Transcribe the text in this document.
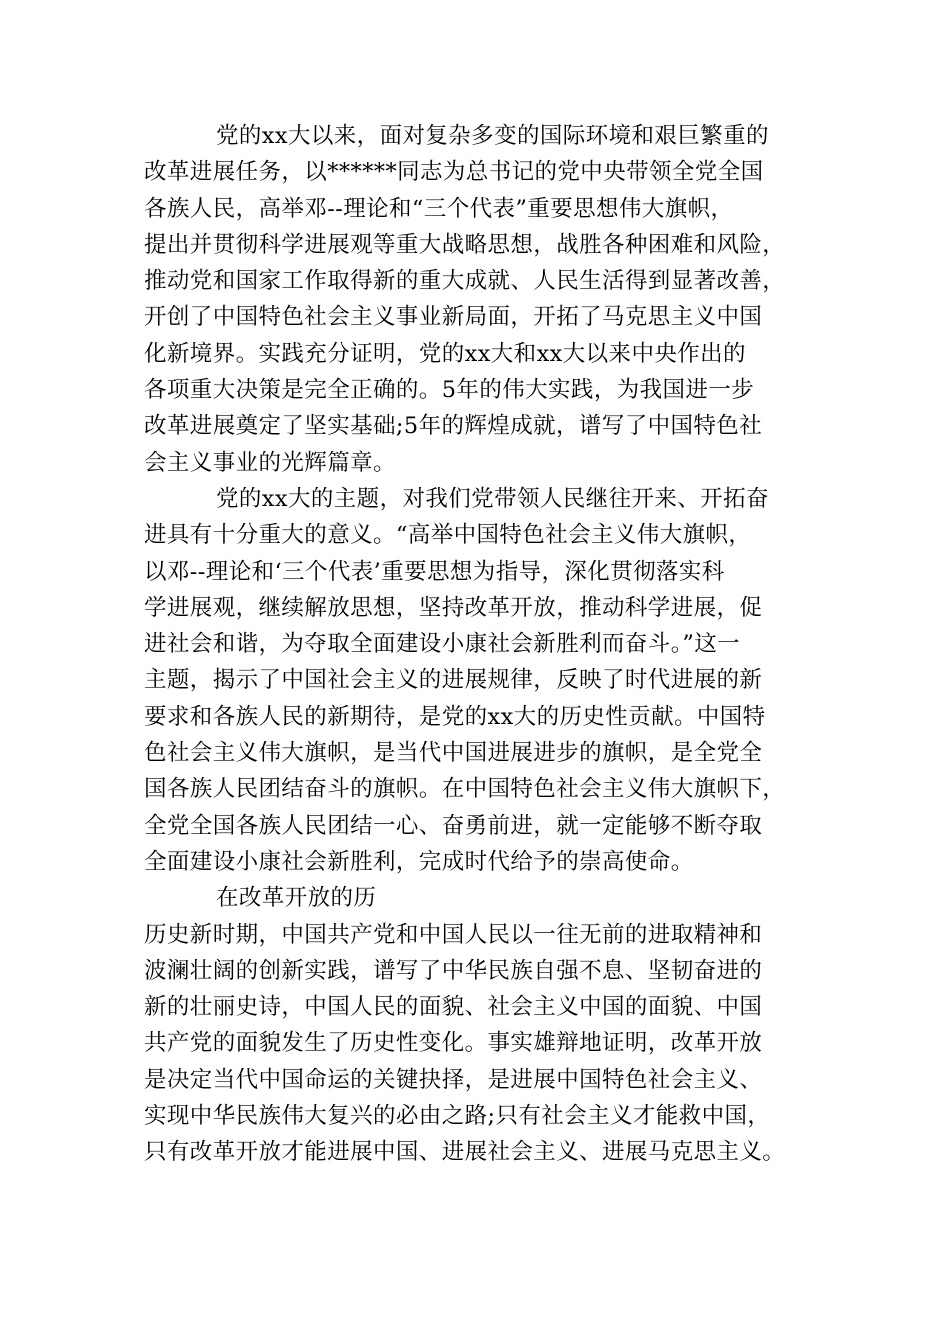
党的xx大以来，面对复杂多变的国际环境和艰巨繁重的
改革进展任务，以******同志为总书记的党中央带领全党全国
各族人民，高举邓--理论和“三个代表”重要思想伟大旗帜，
提出并贯彻科学进展观等重大战略思想，战胜各种困难和风险，
推动党和国家工作取得新的重大成就、人民生活得到显著改善，
开创了中国特色社会主义事业新局面，开拓了马克思主义中国
化新境界。实践充分证明，党的xx大和xx大以来中央作出的
各项重大决策是完全正确的。5年的伟大实践，为我国进一步
改革进展奠定了坚实基础;5年的辉煌成就，谱写了中国特色社
会主义事业的光辉篇章。
党的xx大的主题，对我们党带领人民继往开来、开拓奋
进具有十分重大的意义。“高举中国特色社会主义伟大旗帜，
以邓--理论和‘三个代表’重要思想为指导，深化贯彻落实科
学进展观，继续解放思想，坚持改革开放，推动科学进展，促
进社会和谐，为夺取全面建设小康社会新胜利而奋斗。”这一
主题，揭示了中国社会主义的进展规律，反映了时代进展的新
要求和各族人民的新期待，是党的xx大的历史性贡献。中国特
色社会主义伟大旗帜，是当代中国进展进步的旗帜，是全党全
国各族人民团结奋斗的旗帜。在中国特色社会主义伟大旗帜下，
全党全国各族人民团结一心、奋勇前进，就一定能够不断夺取
全面建设小康社会新胜利，完成时代给予的崇高使命。
在改革开放的历
历史新时期，中国共产党和中国人民以一往无前的进取精神和
波澜壮阔的创新实践，谱写了中华民族自强不息、坚韧奋进的
新的壮丽史诗，中国人民的面貌、社会主义中国的面貌、中国
共产党的面貌发生了历史性变化。事实雄辩地证明，改革开放
是决定当代中国命运的关键抉择，是进展中国特色社会主义、
实现中华民族伟大复兴的必由之路;只有社会主义才能救中国，
只有改革开放才能进展中国、进展社会主义、进展马克思主义。
